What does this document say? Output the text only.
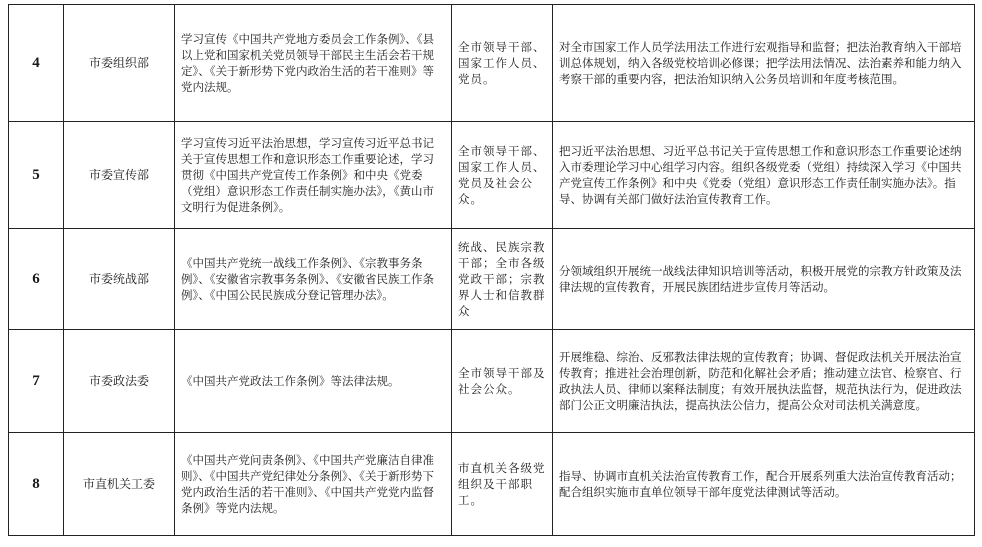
4	市委组织部	学习宣传《中国共产党地方委员会工作条例》、《县以上党和国家机关党员领导干部民主生活会若干规定》、《关于新形势下党内政治生活的若干准则》等党内法规。	全市领导干部、国家工作人员、党员。	对全市国家工作人员学法用法工作进行宏观指导和监督；把法治教育纳入干部培训总体规划，纳入各级党校培训必修课；把学法用法情况、法治素养和能力纳入考察干部的重要内容，把法治知识纳入公务员培训和年度考核范围。
5	市委宣传部	学习宣传习近平法治思想，学习宣传习近平总书记关于宣传思想工作和意识形态工作重要论述，学习贯彻《中国共产党宣传工作条例》和中央《党委（党组）意识形态工作责任制实施办法》，《黄山市文明行为促进条例》。	全市领导干部、国家工作人员、党员及社会公众。	把习近平法治思想、习近平总书记关于宣传思想工作和意识形态工作重要论述纳入市委理论学习中心组学习内容。组织各级党委（党组）持续深入学习《中国共产党宣传工作条例》和中央《党委（党组）意识形态工作责任制实施办法》。指导、协调有关部门做好法治宣传教育工作。
6	市委统战部	《中国共产党统一战线工作条例》、《宗教事务条例》、《安徽省宗教事务条例》、《安徽省民族工作条例》、《中国公民民族成分登记管理办法》。	统战、民族宗教干部；全市各级党政干部；宗教界人士和信教群众	分领域组织开展统一战线法律知识培训等活动，积极开展党的宗教方针政策及法律法规的宣传教育，开展民族团结进步宣传月等活动。
7	市委政法委	《中国共产党政法工作条例》等法律法规。	全市领导干部及社会公众。	开展维稳、综治、反邪教法律法规的宣传教育；协调、督促政法机关开展法治宣传教育；推进社会治理创新，防范和化解社会矛盾；推动建立法官、检察官、行政执法人员、律师以案释法制度；有效开展执法监督，规范执法行为，促进政法部门公正文明廉洁执法，提高执法公信力，提高公众对司法机关满意度。
8	市直机关工委	《中国共产党问责条例》、《中国共产党廉洁自律准则》、《中国共产党纪律处分条例》、《关于新形势下党内政治生活的若干准则》、《中国共产党党内监督条例》等党内法规。	市直机关各级党组织及干部职工。	指导、协调市直机关法治宣传教育工作，配合开展系列重大法治宣传教育活动；配合组织实施市直单位领导干部年度党法律测试等活动。
